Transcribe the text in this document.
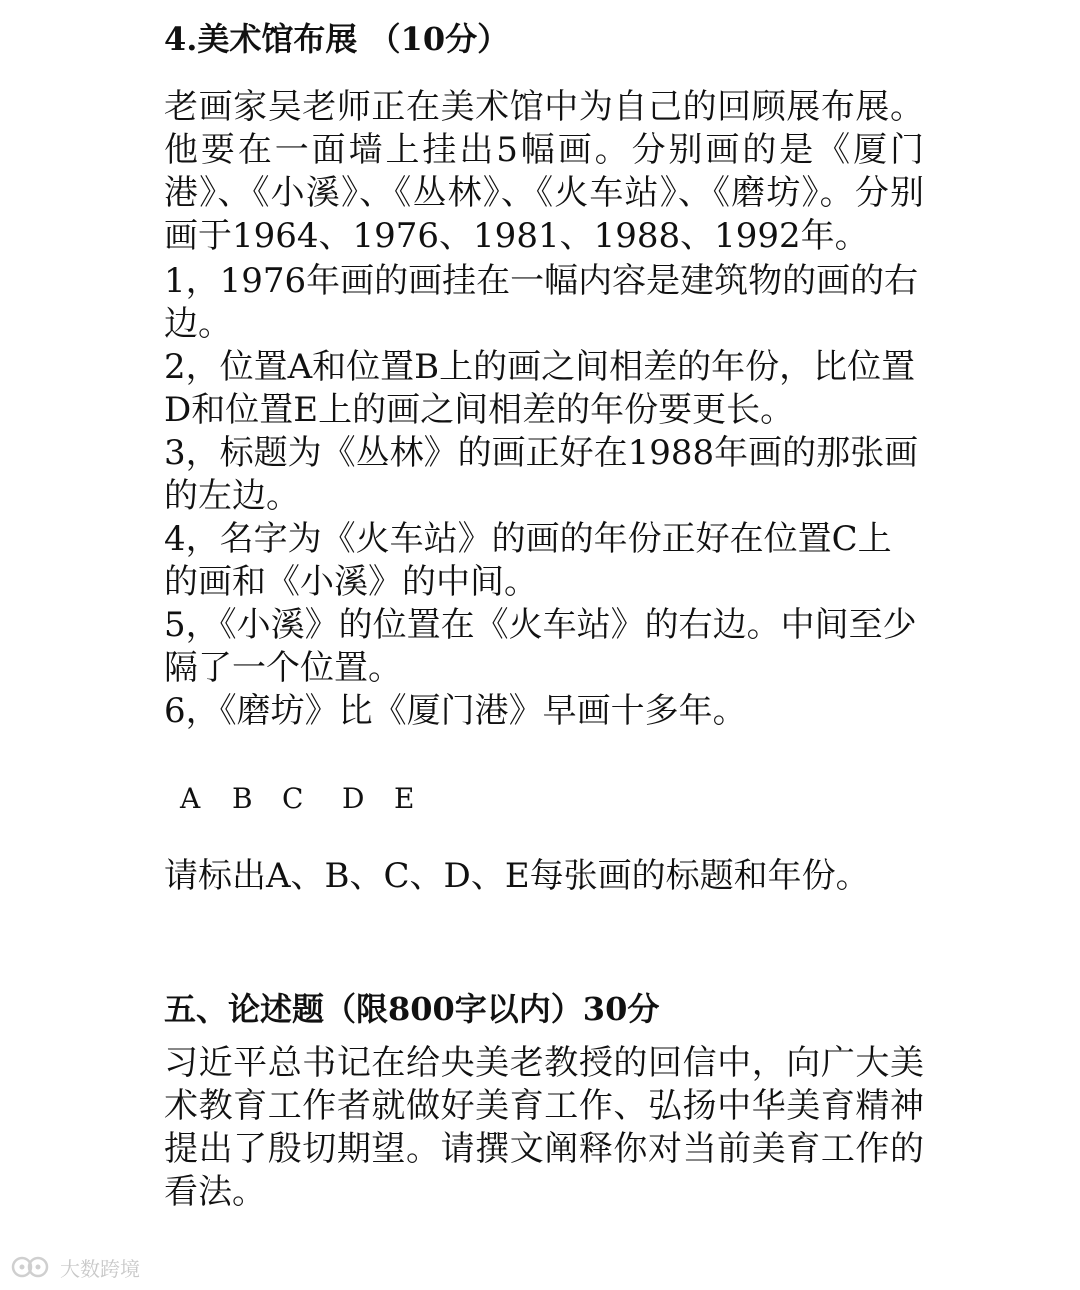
4.美术馆布展 （10分）

老画家吴老师正在美术馆中为自己的回顾展布展。他要在一面墙上挂出5幅画。分别画的是《厦门港》、《小溪》、《丛林》、《火车站》、《磨坊》。分别画于1964、1976、1981、1988、1992年。

1，1976年画的画挂在一幅内容是建筑物的画的右边。

2，位置A和位置B上的画之间相差的年份，比位置D和位置E上的画之间相差的年份要更长。

3，标题为《丛林》的画正好在1988年画的那张画的左边。

4，名字为《火车站》的画的年份正好在位置C上的画和《小溪》的中间。

5，《小溪》的位置在《火车站》的右边。中间至少隔了一个位置。

6，《磨坊》比《厦门港》早画十多年。

A B C D E

请标出A、B、C、D、E每张画的标题和年份。

五、论述题（限800字以内）30分

习近平总书记在给央美老教授的回信中，向广大美术教育工作者就做好美育工作、弘扬中华美育精神提出了殷切期望。请撰文阐释你对当前美育工作的看法。

大数跨境
